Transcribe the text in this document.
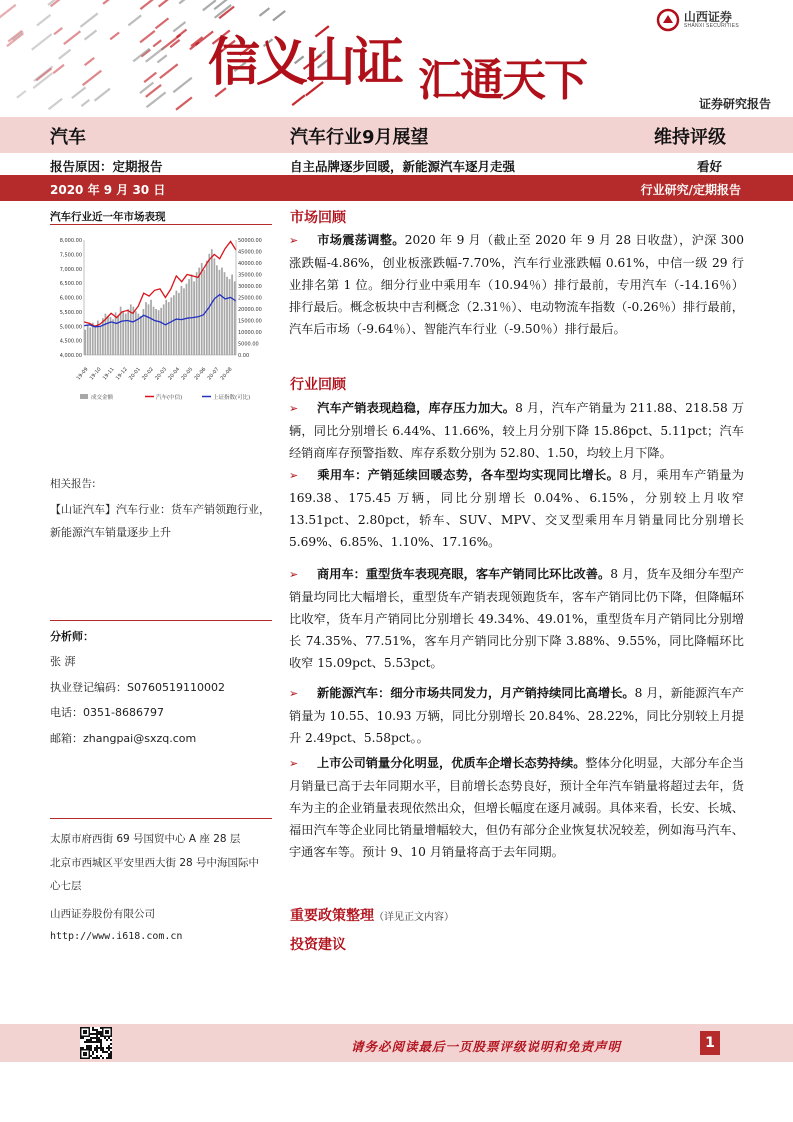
信义山证 汇通天下
山西证券
SHANXI SECURITIES
证券研究报告
汽车	汽车行业9月展望	维持评级
报告原因：定期报告	自主品牌逐步回暖，新能源汽车逐月走强	看好
2020 年 9 月 30 日	行业研究/定期报告
汽车行业近一年市场表现
4,000.00
4,500.00
5,000.00
5,500.00
6,000.00
6,500.00
7,000.00
7,500.00
8,000.00
0.00
5000.00
10000.00
15000.00
20000.00
25000.00
30000.00
35000.00
40000.00
45000.00
50000.00
19-09 19-10 19-11 19-12 20-01 20-02 20-03 20-04 20-05 20-06 20-07 20-08
成交金额	汽车(中信)	上证指数(可比)
相关报告:
【山证汽车】汽车行业：货车产销领跑行业，新能源汽车销量逐步上升
分析师：
张 湃
执业登记编码：S0760519110002
电话：0351-8686797
邮箱：zhangpai@sxzq.com
太原市府西街 69 号国贸中心 A 座 28 层
北京市西城区平安里西大街 28 号中海国际中心七层
山西证券股份有限公司
http://www.i618.com.cn
市场回顾
➢ 市场震荡调整。2020 年 9 月（截止至 2020 年 9 月 28 日收盘），沪深 300 涨跌幅-4.86%，创业板涨跌幅-7.70%，汽车行业涨跌幅 0.61%，中信一级 29 行业排名第 1 位。细分行业中乘用车（10.94％）排行最前，专用汽车（-14.16％）排行最后。概念板块中吉利概念（2.31％）、电动物流车指数（-0.26％）排行最前，汽车后市场（-9.64％）、智能汽车行业（-9.50％）排行最后。
行业回顾
➢ 汽车产销表现趋稳，库存压力加大。8 月，汽车产销量为 211.88、218.58 万辆，同比分别增长 6.44%、11.66%，较上月分别下降 15.86pct、5.11pct；汽车经销商库存预警指数、库存系数分别为 52.80、1.50，均较上月下降。
➢ 乘用车：产销延续回暖态势，各车型均实现同比增长。8 月，乘用车产销量为 169.38、175.45 万辆，同比分别增长 0.04%、6.15%，分别较上月收窄 13.51pct、2.80pct，轿车、SUV、MPV、交叉型乘用车月销量同比分别增长 5.69%、6.85%、1.10%、17.16%。
➢ 商用车：重型货车表现亮眼，客车产销同比环比改善。8 月，货车及细分车型产销量均同比大幅增长，重型货车产销表现领跑货车，客车产销同比仍下降，但降幅环比收窄，货车月产销同比分别增长 49.34%、49.01%，重型货车月产销同比分别增长 74.35%、77.51%，客车月产销同比分别下降 3.88%、9.55%，同比降幅环比收窄 15.09pct、5.53pct。
➢ 新能源汽车：细分市场共同发力，月产销持续同比高增长。8 月，新能源汽车产销量为 10.55、10.93 万辆，同比分别增长 20.84%、28.22%，同比分别较上月提升 2.49pct、5.58pct。。
➢ 上市公司销量分化明显，优质车企增长态势持续。整体分化明显，大部分车企当月销量已高于去年同期水平，目前增长态势良好，预计全年汽车销量将超过去年，货车为主的企业销量表现依然出众，但增长幅度在逐月减弱。具体来看，长安、长城、福田汽车等企业同比销量增幅较大，但仍有部分企业恢复状况较差，例如海马汽车、宇通客车等。预计 9、10 月销量将高于去年同期。
重要政策整理（详见正文内容）
投资建议
请务必阅读最后一页股票评级说明和免责声明	1
